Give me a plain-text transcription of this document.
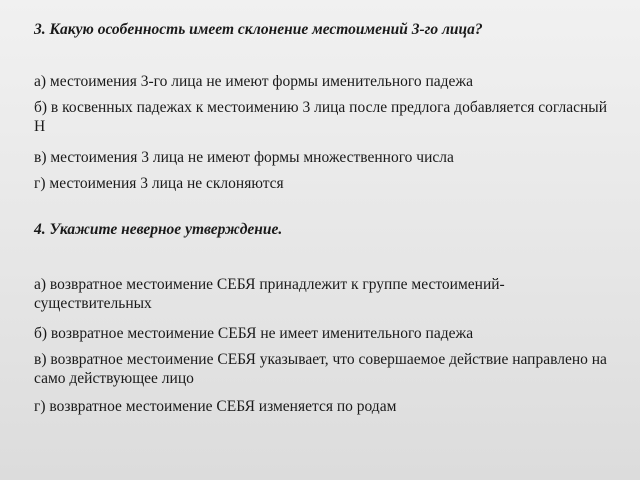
3. Какую особенность имеет склонение местоимений 3-го лица?

а) местоимения 3-го лица не имеют формы именительного падежа

б) в косвенных падежах к местоимению 3 лица после предлога добавляется согласный Н

в) местоимения 3 лица не имеют формы множественного числа

г) местоимения 3 лица не склоняются

4. Укажите неверное утверждение.

а) возвратное местоимение СЕБЯ принадлежит к группе местоимений-существительных

б) возвратное местоимение СЕБЯ не имеет именительного падежа

в) возвратное местоимение СЕБЯ указывает, что совершаемое действие направлено на само действующее лицо

г) возвратное местоимение СЕБЯ изменяется по родам
